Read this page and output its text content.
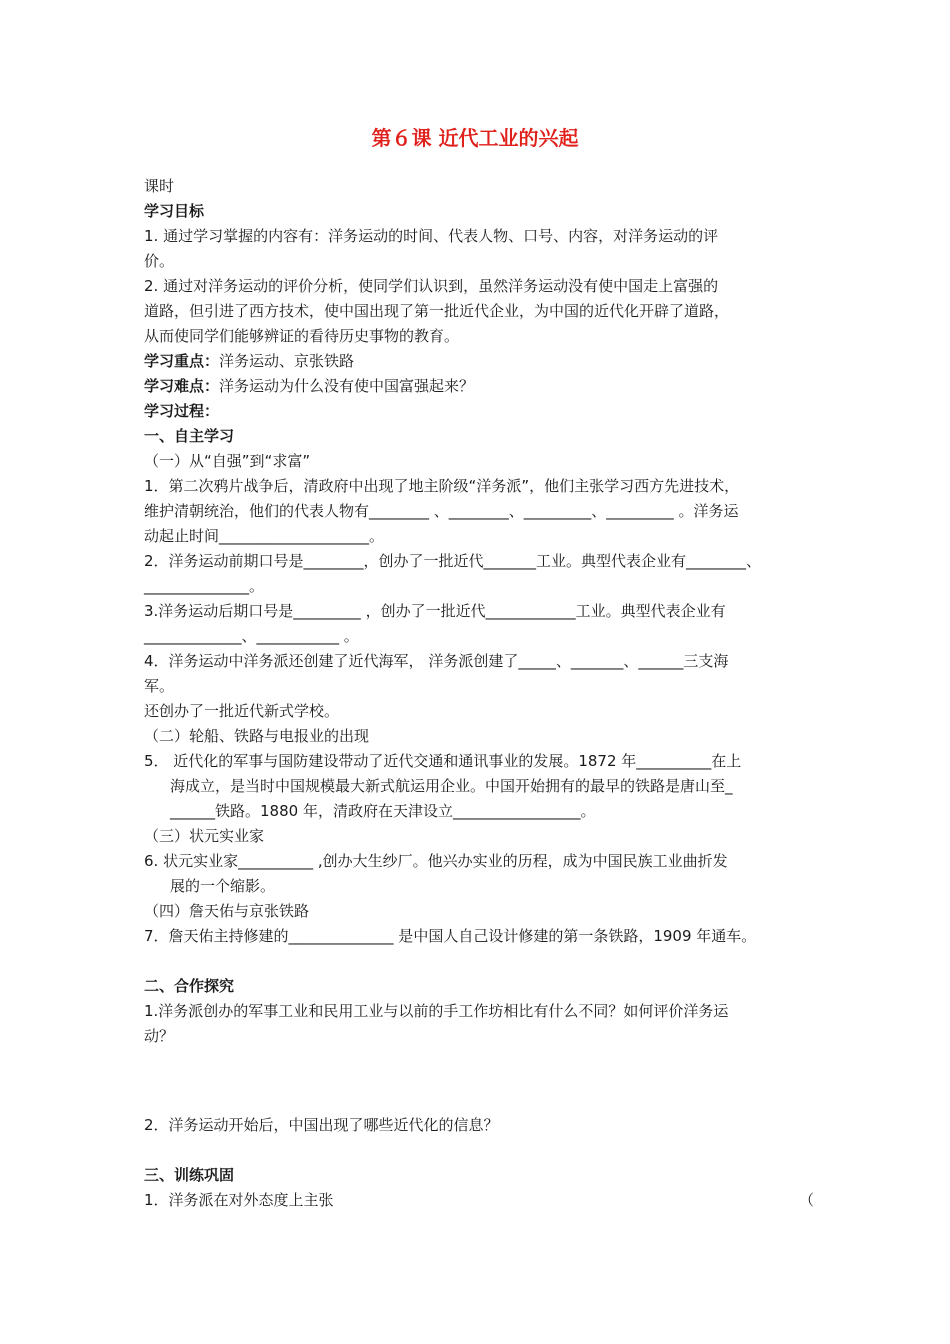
第６课 近代工业的兴起
课时
学习目标
1. 通过学习掌握的内容有：洋务运动的时间、代表人物、口号、内容，对洋务运动的评
价。
2. 通过对洋务运动的评价分析，使同学们认识到，虽然洋务运动没有使中国走上富强的
道路，但引进了西方技术，使中国出现了第一批近代企业，为中国的近代化开辟了道路，
从而使同学们能够辨证的看待历史事物的教育。
学习重点：洋务运动、京张铁路
学习难点：洋务运动为什么没有使中国富强起来？
学习过程：
一、自主学习
（一）从“自强”到“求富”
1．第二次鸦片战争后，清政府中出现了地主阶级“洋务派”，他们主张学习西方先进技术，
维护清朝统治，他们的代表人物有________ 、________、_________、_________ 。洋务运
动起止时间____________________。
2．洋务运动前期口号是________，创办了一批近代_______工业。典型代表企业有________、
______________。
3.洋务运动后期口号是_________ ，创办了一批近代____________工业。典型代表企业有
_____________、___________ 。
4．洋务运动中洋务派还创建了近代海军， 洋务派创建了_____、_______、______三支海
军。
还创办了一批近代新式学校。
（二）轮船、铁路与电报业的出现
5． 近代化的军事与国防建设带动了近代交通和通讯事业的发展。1872 年__________在上
海成立，是当时中国规模最大新式航运用企业。中国开始拥有的最早的铁路是唐山至_
______铁路。1880 年，清政府在天津设立_________________。
（三）状元实业家
6. 状元实业家__________ ,创办大生纱厂。他兴办实业的历程，成为中国民族工业曲折发
展的一个缩影。
（四）詹天佑与京张铁路
7．詹天佑主持修建的______________ 是中国人自己设计修建的第一条铁路，1909 年通车。
二、合作探究
1.洋务派创办的军事工业和民用工业与以前的手工作坊相比有什么不同？如何评价洋务运
动？
2．洋务运动开始后，中国出现了哪些近代化的信息？
三、训练巩固
1．洋务派在对外态度上主张	（
